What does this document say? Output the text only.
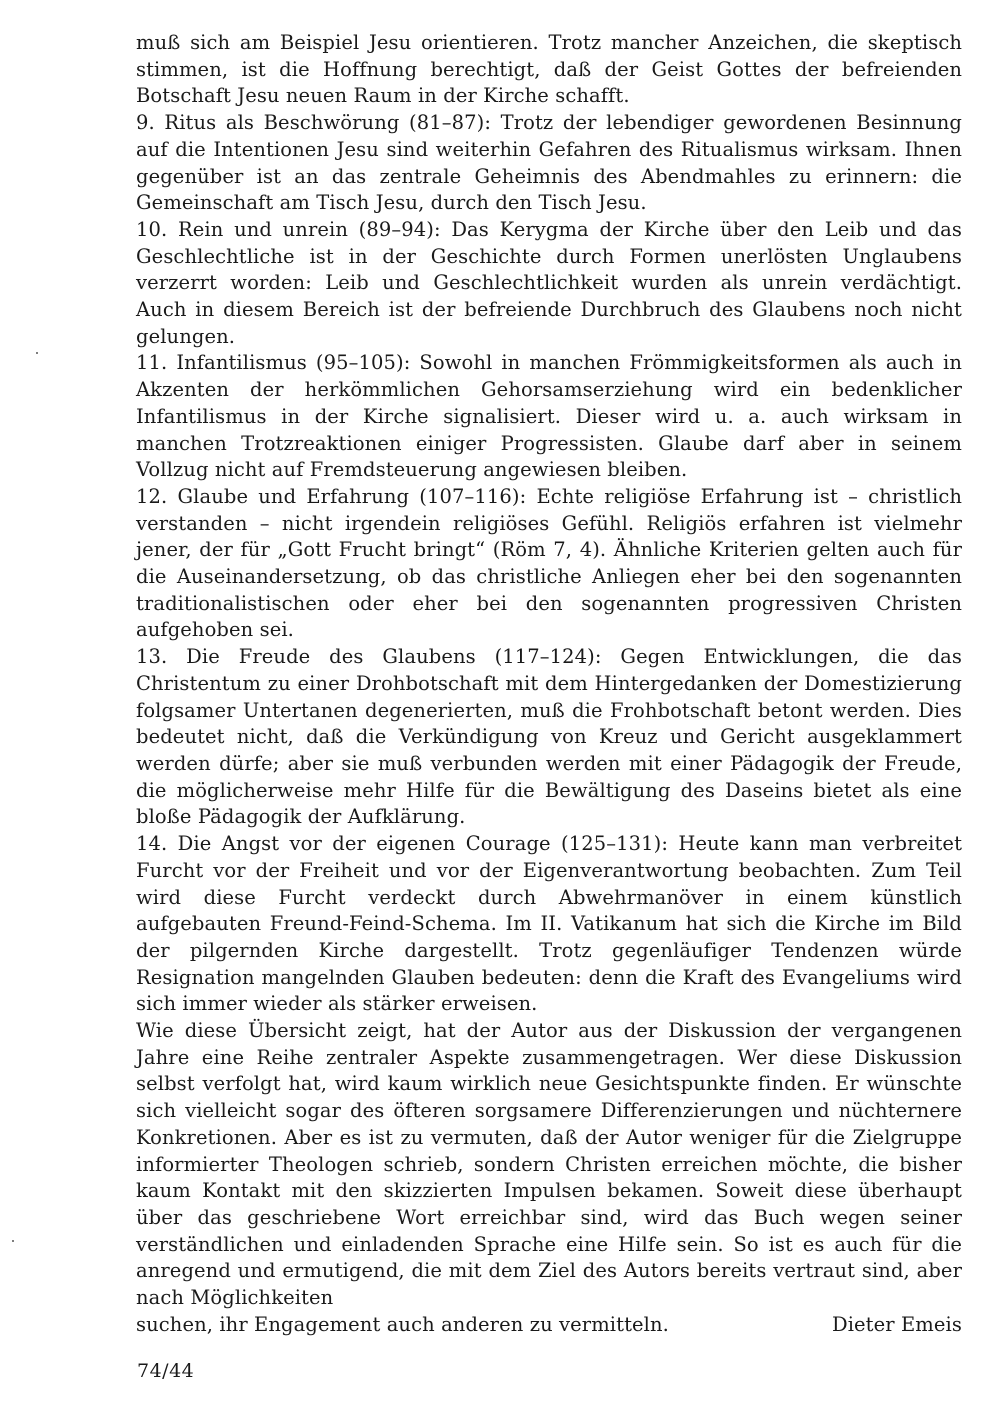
muß sich am Beispiel Jesu orientieren. Trotz mancher Anzeichen, die skeptisch stimmen, ist die Hoffnung berechtigt, daß der Geist Gottes der befreienden Botschaft Jesu neuen Raum in der Kirche schafft.

9. Ritus als Beschwörung (81–87): Trotz der lebendiger gewordenen Besinnung auf die Intentionen Jesu sind weiterhin Gefahren des Ritualismus wirksam. Ihnen gegenüber ist an das zentrale Geheimnis des Abendmahles zu erinnern: die Gemeinschaft am Tisch Jesu, durch den Tisch Jesu.

10. Rein und unrein (89–94): Das Kerygma der Kirche über den Leib und das Geschlechtliche ist in der Geschichte durch Formen unerlösten Unglaubens verzerrt worden: Leib und Geschlechtlichkeit wurden als unrein verdächtigt. Auch in diesem Bereich ist der befreiende Durchbruch des Glaubens noch nicht gelungen.

11. Infantilismus (95–105): Sowohl in manchen Frömmigkeitsformen als auch in Akzenten der herkömmlichen Gehorsamserziehung wird ein bedenklicher Infantilismus in der Kirche signalisiert. Dieser wird u. a. auch wirksam in manchen Trotzreaktionen einiger Progressisten. Glaube darf aber in seinem Vollzug nicht auf Fremdsteuerung angewiesen bleiben.

12. Glaube und Erfahrung (107–116): Echte religiöse Erfahrung ist – christlich verstanden – nicht irgendein religiöses Gefühl. Religiös erfahren ist vielmehr jener, der für „Gott Frucht bringt“ (Röm 7, 4). Ähnliche Kriterien gelten auch für die Auseinandersetzung, ob das christliche Anliegen eher bei den sogenannten traditionalistischen oder eher bei den sogenannten progressiven Christen aufgehoben sei.

13. Die Freude des Glaubens (117–124): Gegen Entwicklungen, die das Christentum zu einer Drohbotschaft mit dem Hintergedanken der Domestizierung folgsamer Untertanen degenerierten, muß die Frohbotschaft betont werden. Dies bedeutet nicht, daß die Verkündigung von Kreuz und Gericht ausgeklammert werden dürfe; aber sie muß verbunden werden mit einer Pädagogik der Freude, die möglicherweise mehr Hilfe für die Bewältigung des Daseins bietet als eine bloße Pädagogik der Aufklärung.

14. Die Angst vor der eigenen Courage (125–131): Heute kann man verbreitet Furcht vor der Freiheit und vor der Eigenverantwortung beobachten. Zum Teil wird diese Furcht verdeckt durch Abwehrmanöver in einem künstlich aufgebauten Freund-Feind-Schema. Im II. Vatikanum hat sich die Kirche im Bild der pilgernden Kirche dargestellt. Trotz gegenläufiger Tendenzen würde Resignation mangelnden Glauben bedeuten: denn die Kraft des Evangeliums wird sich immer wieder als stärker erweisen.

Wie diese Übersicht zeigt, hat der Autor aus der Diskussion der vergangenen Jahre eine Reihe zentraler Aspekte zusammengetragen. Wer diese Diskussion selbst verfolgt hat, wird kaum wirklich neue Gesichtspunkte finden. Er wünschte sich vielleicht sogar des öfteren sorgsamere Differenzierungen und nüchternere Konkretionen. Aber es ist zu vermuten, daß der Autor weniger für die Zielgruppe informierter Theologen schrieb, sondern Christen erreichen möchte, die bisher kaum Kontakt mit den skizzierten Impulsen bekamen. Soweit diese überhaupt über das geschriebene Wort erreichbar sind, wird das Buch wegen seiner verständlichen und einladenden Sprache eine Hilfe sein. So ist es auch für die anregend und ermutigend, die mit dem Ziel des Autors bereits vertraut sind, aber nach Möglichkeiten

suchen, ihr Engagement auch anderen zu vermitteln.	Dieter Emeis
74/44
